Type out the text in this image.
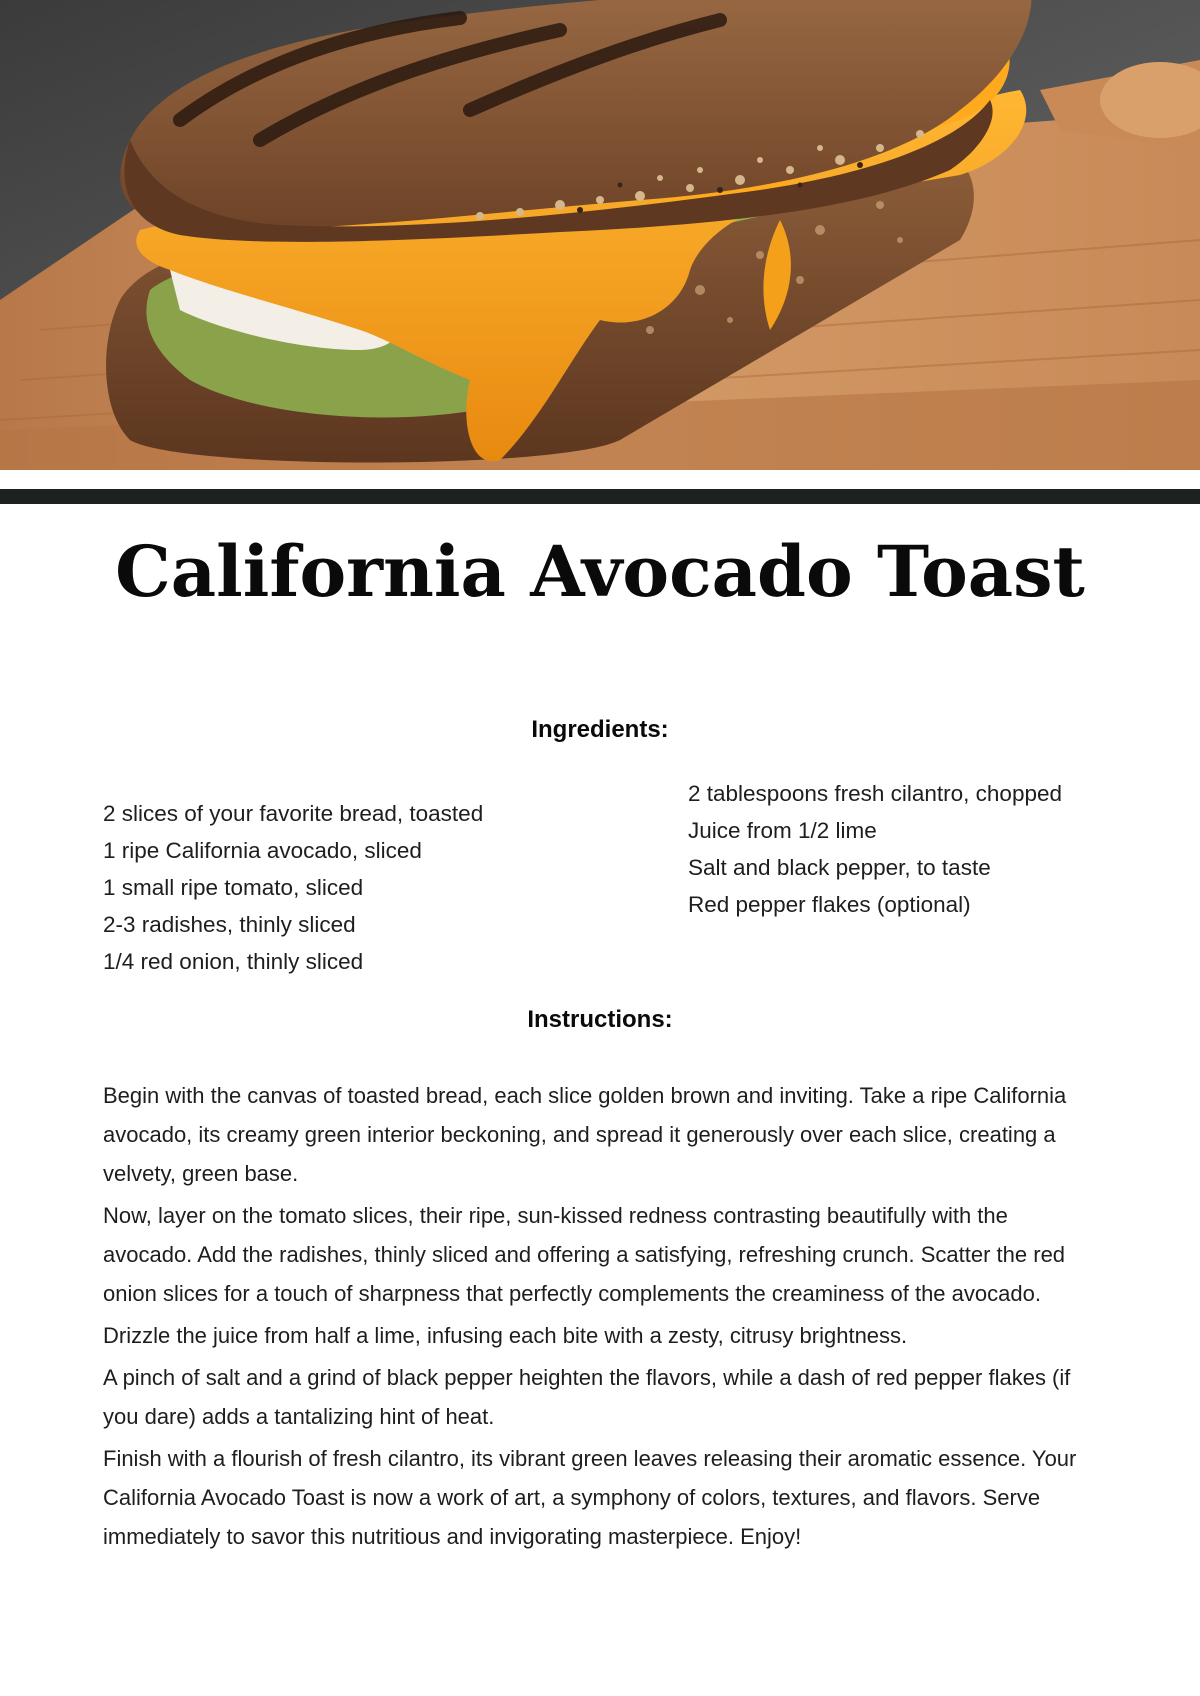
California Avocado Toast
Ingredients:
2 slices of your favorite bread, toasted
1 ripe California avocado, sliced
1 small ripe tomato, sliced
2-3 radishes, thinly sliced
1/4 red onion, thinly sliced
2 tablespoons fresh cilantro, chopped
Juice from 1/2 lime
Salt and black pepper, to taste
Red pepper flakes (optional)
Instructions:

Begin with the canvas of toasted bread, each slice golden brown and inviting. Take a ripe California avocado, its creamy green interior beckoning, and spread it generously over each slice, creating a velvety, green base.

Now, layer on the tomato slices, their ripe, sun-kissed redness contrasting beautifully with the avocado. Add the radishes, thinly sliced and offering a satisfying, refreshing crunch. Scatter the red onion slices for a touch of sharpness that perfectly complements the creaminess of the avocado.

Drizzle the juice from half a lime, infusing each bite with a zesty, citrusy brightness.

A pinch of salt and a grind of black pepper heighten the flavors, while a dash of red pepper flakes (if you dare) adds a tantalizing hint of heat.

Finish with a flourish of fresh cilantro, its vibrant green leaves releasing their aromatic essence. Your California Avocado Toast is now a work of art, a symphony of colors, textures, and flavors. Serve immediately to savor this nutritious and invigorating masterpiece. Enjoy!
